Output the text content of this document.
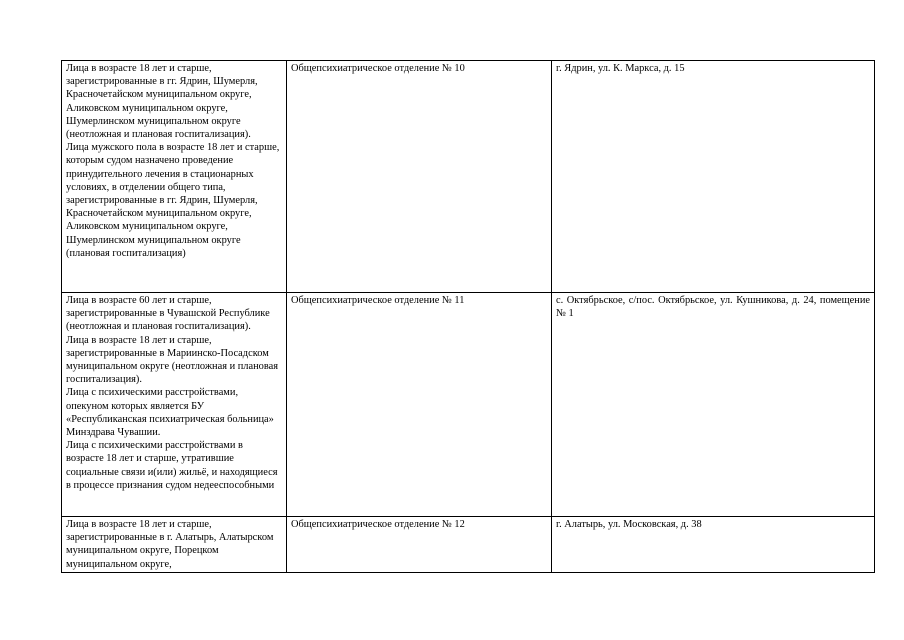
Лица в возрасте 18 лет и старше, зарегистрированные в гг. Ядрин, Шумерля, Красночетайском муниципальном округе, Аликовском муниципальном округе, Шумерлинском муниципальном округе (неотложная и плановая госпитализация).
Лица мужского пола в возрасте 18 лет и старше, которым судом назначено проведение принудительного лечения в стационарных условиях, в отделении общего типа, зарегистрированные в гг. Ядрин, Шумерля, Красночетайском муниципальном округе, Аликовском муниципальном округе, Шумерлинском муниципальном округе (плановая госпитализация)	Общепсихиатрическое отделение № 10	г. Ядрин, ул. К. Маркса, д. 15

Лица в возрасте 60 лет и старше, зарегистрированные в Чувашской Республике (неотложная и плановая госпитализация).
Лица в возрасте 18 лет и старше, зарегистрированные в Мариинско-Посадском муниципальном округе (неотложная и плановая госпитализация).
Лица с психическими расстройствами, опекуном которых является БУ «Республиканская психиатрическая больница» Минздрава Чувашии.
Лица с психическими расстройствами в возрасте 18 лет и старше, утратившие социальные связи и(или) жильё, и находящиеся в процессе признания судом недееспособными	Общепсихиатрическое отделение № 11	с. Октябрьское, с/пос. Октябрьское, ул. Кушникова, д. 24, помещение № 1

Лица в возрасте 18 лет и старше, зарегистрированные в г. Алатырь, Алатырском муниципальном округе, Порецком муниципальном округе,	Общепсихиатрическое отделение № 12	г. Алатырь, ул. Московская, д. 38
